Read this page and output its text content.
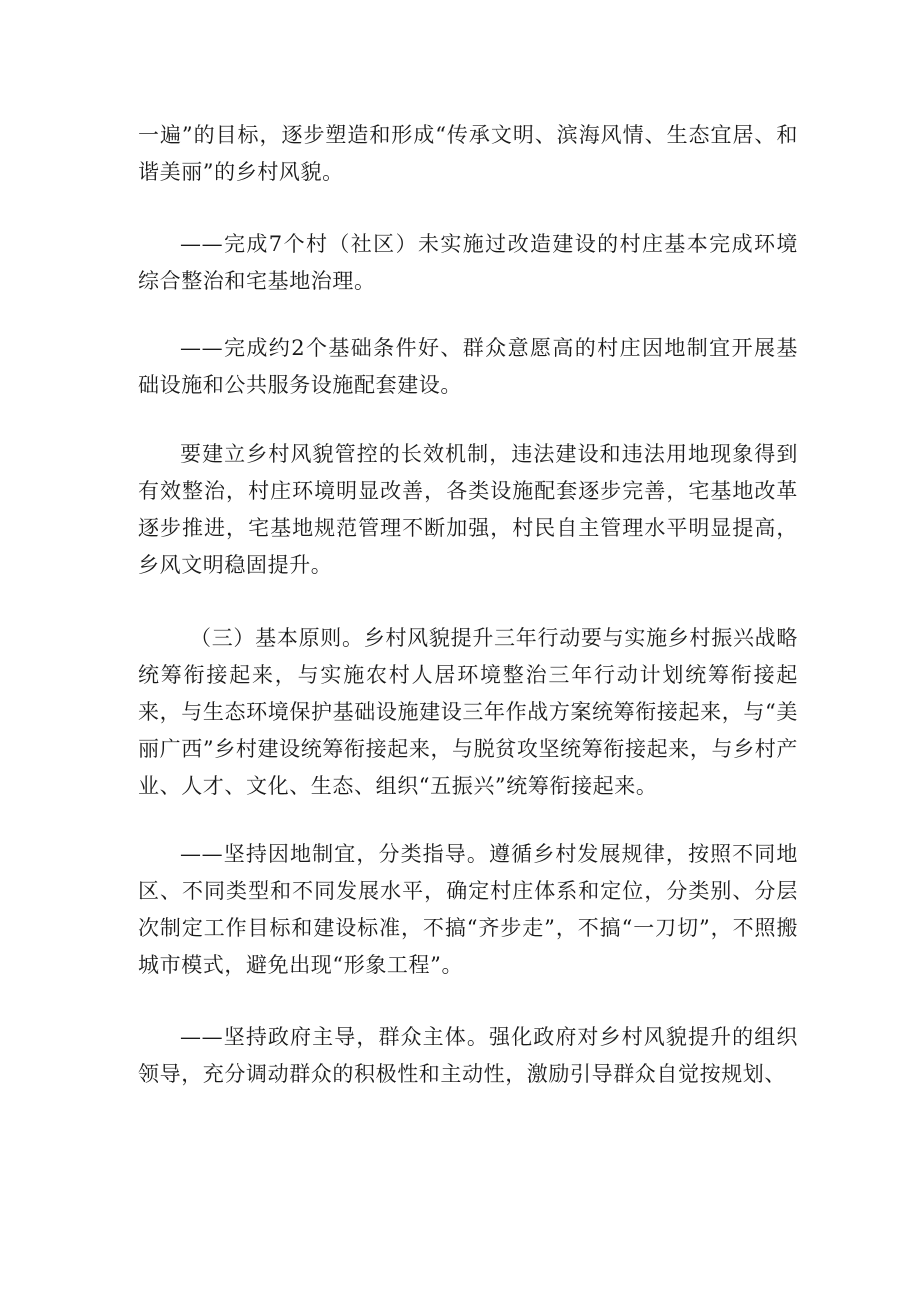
一遍”的目标，逐步塑造和形成“传承文明、滨海风情、生态宜居、和谐美丽”的乡村风貌。

——完成7个村（社区）未实施过改造建设的村庄基本完成环境综合整治和宅基地治理。

——完成约2个基础条件好、群众意愿高的村庄因地制宜开展基础设施和公共服务设施配套建设。

要建立乡村风貌管控的长效机制，违法建设和违法用地现象得到有效整治，村庄环境明显改善，各类设施配套逐步完善，宅基地改革逐步推进，宅基地规范管理不断加强，村民自主管理水平明显提高，乡风文明稳固提升。

（三）基本原则。乡村风貌提升三年行动要与实施乡村振兴战略统筹衔接起来，与实施农村人居环境整治三年行动计划统筹衔接起来，与生态环境保护基础设施建设三年作战方案统筹衔接起来，与“美丽广西”乡村建设统筹衔接起来，与脱贫攻坚统筹衔接起来，与乡村产业、人才、文化、生态、组织“五振兴”统筹衔接起来。

——坚持因地制宜，分类指导。遵循乡村发展规律，按照不同地区、不同类型和不同发展水平，确定村庄体系和定位，分类别、分层次制定工作目标和建设标准，不搞“齐步走”，不搞“一刀切”，不照搬城市模式，避免出现“形象工程”。

——坚持政府主导，群众主体。强化政府对乡村风貌提升的组织领导，充分调动群众的积极性和主动性，激励引导群众自觉按规划、
